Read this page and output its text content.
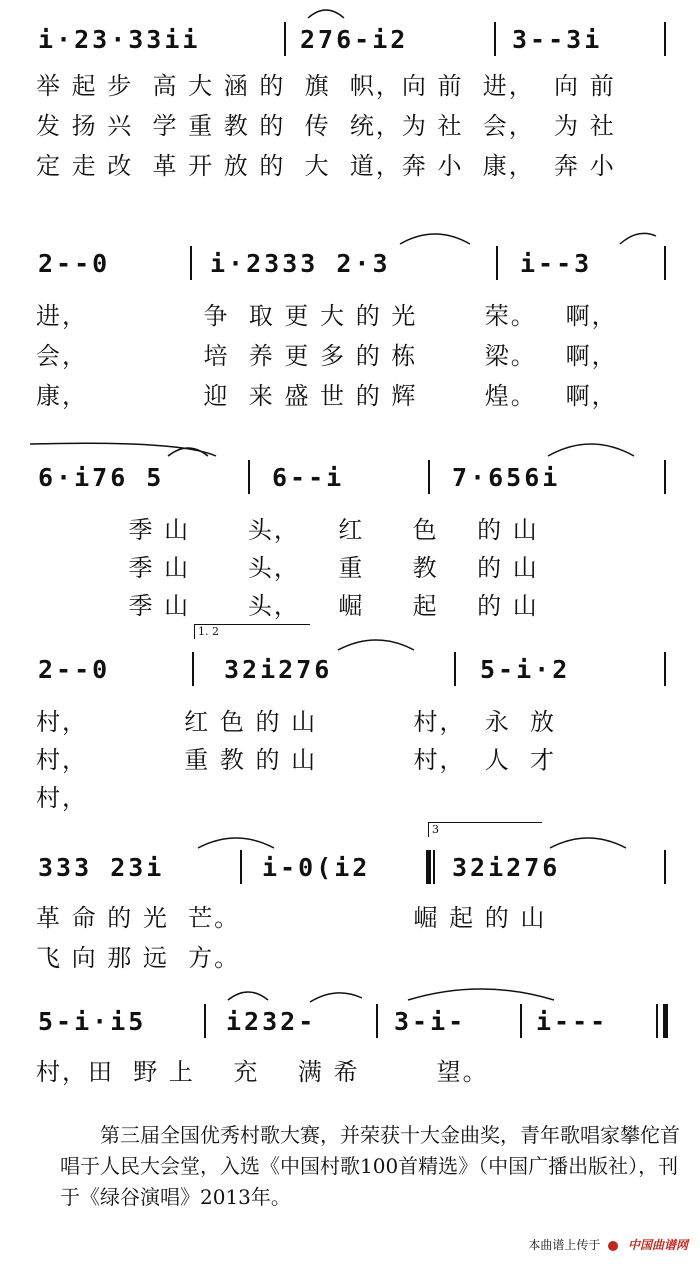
i·23·33ii	276-i2	3--3i
举 起 步  高 大 涵 的  旗  帜，向 前  进，  向 前
发 扬 兴  学 重 教 的  传  统，为 社  会，  为 社
定 走 改  革 开 放 的  大  道，奔 小  康，  奔 小
2--0	i·2333 2·3	i--3
进，            争  取 更 大 的 光       荣。   啊，
会，            培  养 更 多 的 栋       梁。   啊，
康，            迎  来 盛 世 的 辉       煌。   啊，
6·i76 5	6--i	7·656i
季 山      头，    红     色    的 山
季 山      头，    重     教    的 山
季 山      头，    崛     起    的 山
1. 2
2--0	32i276	5-i·2
村，          红 色 的 山          村，  永  放
村，          重 教 的 山          村，  人  才
村，
3
333 23i	i-0(i2	32i276
革 命 的 光  芒。                  崛 起 的 山
飞 向 那 远  方。
5-i·i5	i232-	3-i-	i---
村，田  野 上    充    满 希        望。
第三届全国优秀村歌大赛，并荣获十大金曲奖，青年歌唱家攀佗首唱于人民大会堂，入选《中国村歌100首精选》（中国广播出版社），刊于《绿谷演唱》2013年。
本曲谱上传于 中国曲谱网
